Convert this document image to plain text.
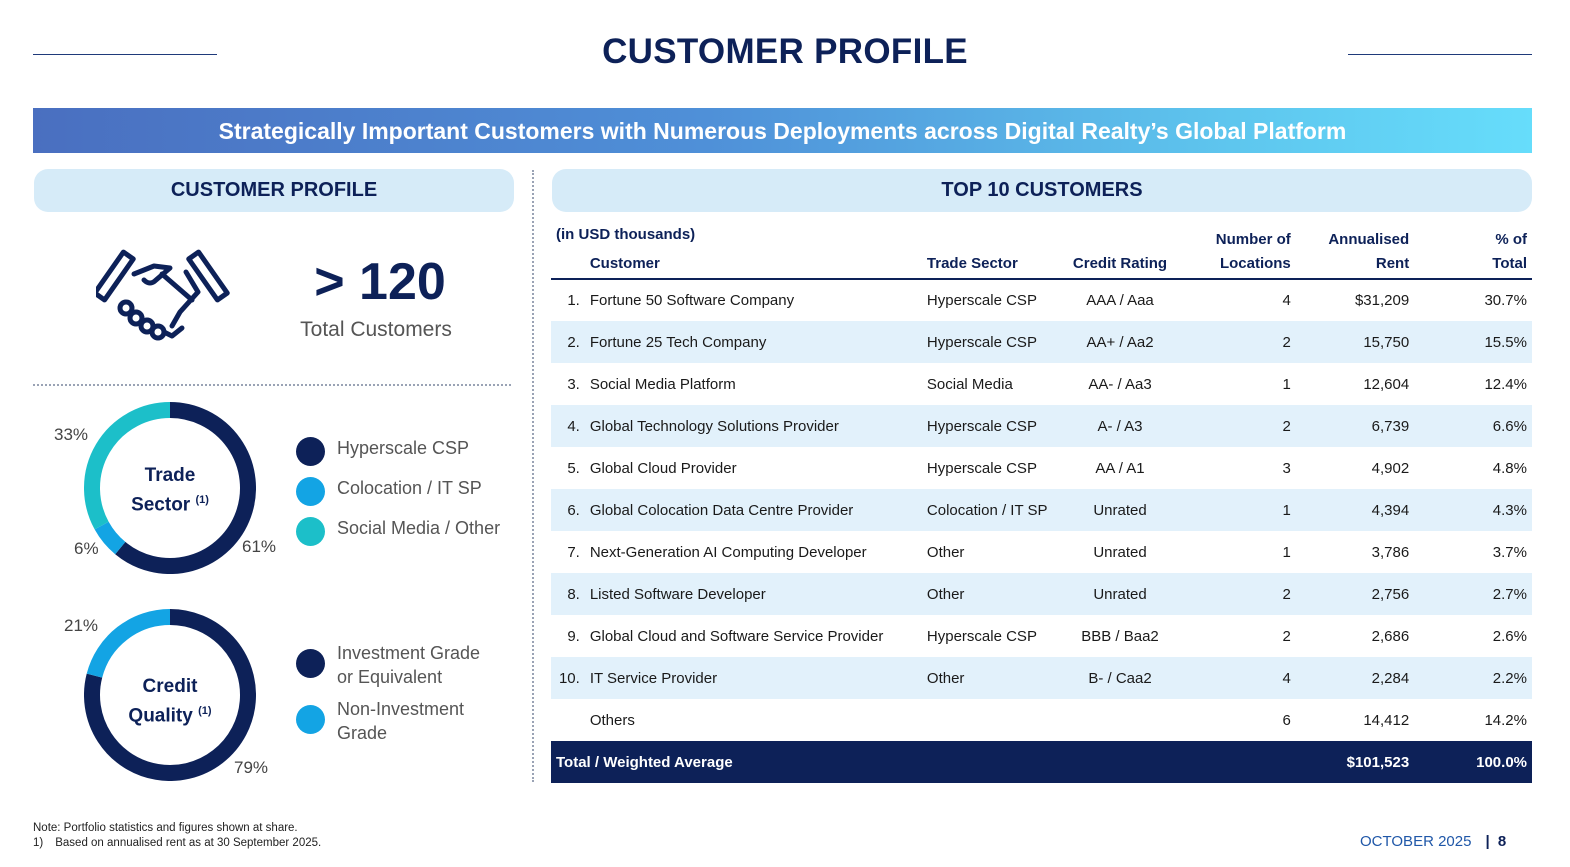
CUSTOMER PROFILE
Strategically Important Customers with Numerous Deployments across Digital Realty’s Global Platform
CUSTOMER PROFILE	TOP 10 CUSTOMERS
> 120
Total Customers
Trade
Sector $^{(1)}$
33%
6%	61%
Hyperscale CSP
Colocation / IT SP
Social Media / Other
Credit
Quality $^{(1)}$
21%
79%
Investment Grade
or Equivalent
Non-Investment
Grade
(in USD thousands)				Number of	Annualised	% of
	Customer	Trade Sector	Credit Rating	Locations	Rent	Total
1.	Fortune 50 Software Company	Hyperscale CSP	AAA / Aaa	4	$31,209	30.7%
2.	Fortune 25 Tech Company	Hyperscale CSP	AA+ / Aa2	2	15,750	15.5%
3.	Social Media Platform	Social Media	AA- / Aa3	1	12,604	12.4%
4.	Global Technology Solutions Provider	Hyperscale CSP	A- / A3	2	6,739	6.6%
5.	Global Cloud Provider	Hyperscale CSP	AA / A1	3	4,902	4.8%
6.	Global Colocation Data Centre Provider	Colocation / IT SP	Unrated	1	4,394	4.3%
7.	Next-Generation AI Computing Developer	Other	Unrated	1	3,786	3.7%
8.	Listed Software Developer	Other	Unrated	2	2,756	2.7%
9.	Global Cloud and Software Service Provider	Hyperscale CSP	BBB / Baa2	2	2,686	2.6%
10.	IT Service Provider	Other	B- / Caa2	4	2,284	2.2%
	Others			6	14,412	14.2%
Total / Weighted Average					$101,523	100.0%
Note: Portfolio statistics and figures shown at share.
1) Based on annualised rent as at 30 September 2025.	OCTOBER 2025 | 8
